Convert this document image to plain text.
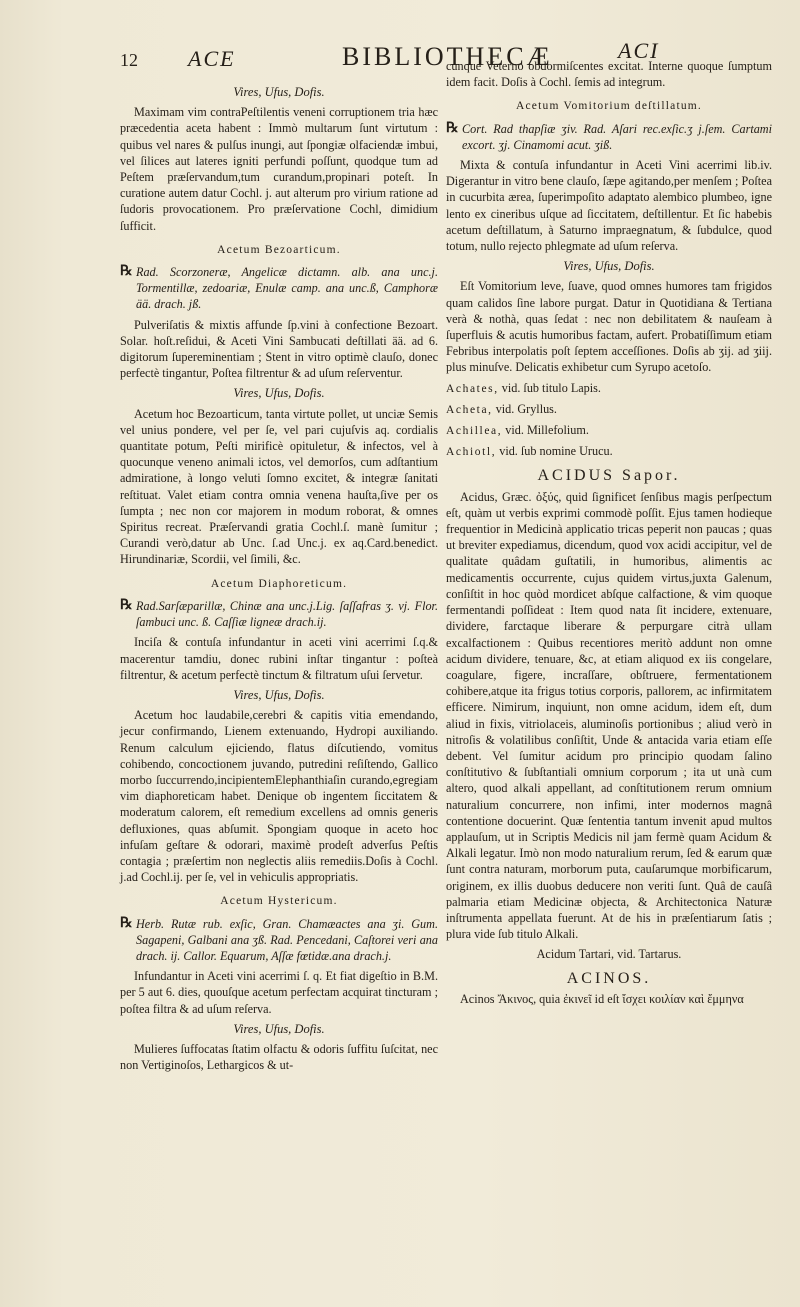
12 ACE	BIBLIOTHECÆ	ACI
Vires, Ufus, Dofis.

Maximam vim contraPeſtilentis veneni corruptionem tria hæc præcedentia aceta habent : Immò multarum ſunt virtutum : quibus vel nares & pulſus inungi, aut ſpongiæ olfaciendæ imbui, vel ſilices aut lateres igniti perfundi poſſunt, quodque tum ad Peſtem præſervandum,tum curandum,propinari poteſt. In curatione autem datur Cochl. j. aut alterum pro virium ratione ad ſudoris provocationem. Pro præſervatione Cochl, dimidium ſufficit.

Acetum Bezoarticum.

℞ Rad. Scorzoneræ, Angelicæ dictamn. alb. ana unc.j. Tormentillæ, zedoariæ, Enulæ camp. ana unc.ß, Camphoræ ää. drach. jß.

Pulveriſatis & mixtis affunde ſp.vini à confectione Bezoart. Solar. hoſt.reſidui, & Aceti Vini Sambucati deſtillati ää. ad 6. digitorum ſupereminentiam ; Stent in vitro optimè clauſo, donec perfectè tingantur, Poſtea filtrentur & ad uſum reſerventur.

Vires, Ufus, Dofis.

Acetum hoc Bezoarticum, tanta virtute pollet, ut unciæ Semis vel unius pondere, vel per ſe, vel pari cujuſvis aq. cordialis quantitate potum, Peſti mirificè opituletur, & infectos, vel à quocunque veneno animali ictos, vel demorſos, cum adſtantium admiratione, à longo veluti ſomno excitet, & integræ ſanitati reſtituat. Valet etiam contra omnia venena hauſta,ſive per os ſumpta ; nec non cor majorem in modum roborat, & omnes Spiritus recreat. Præſervandi gratia Cochl.ſ. manè ſumitur ; Curandi verò,datur ab Unc. ſ.ad Unc.j. ex aq.Card.benedict. Hirundinariæ, Scordii, vel ſimili, &c.

Acetum Diaphoreticum.

℞ Rad.Sarſæparillæ, Chinæ ana unc.j.Lig. ſaſſafras ʒ. vj. Flor. ſambuci unc. ß. Caſſiæ ligneæ drach.ij.

Inciſa & contuſa infundantur in aceti vini acerrimi ſ.q.& macerentur tamdiu, donec rubini inſtar tingantur : poſteà filtrentur, & acetum perfectè tinctum & filtratum uſui ſervetur.

Vires, Ufus, Dofis.

Acetum hoc laudabile,cerebri & capitis vitia emendando, jecur confirmando, Lienem extenuando, Hydropi auxiliando. Renum calculum ejiciendo, flatus diſcutiendo, vomitus cohibendo, concoctionem juvando, putredini reſiſtendo, Gallico morbo ſuccurrendo,incipientemElephanthiaſin curando,egregiam vim diaphoreticam habet. Denique ob ingentem ſiccitatem & moderatum calorem, eſt remedium excellens ad omnis generis defluxiones, quas abſumit. Spongiam quoque in aceto hoc infuſam geſtare & odorari, maximè prodeſt adverſus Peſtis contagia ; præſertim non neglectis aliis remediis.Doſis à Cochl. j.ad Cochl.ij. per ſe, vel in vehiculis appropriatis.

Acetum Hystericum.

℞ Herb. Rutæ rub. exſic, Gran. Chamæactes ana ʒi. Gum. Sagapeni, Galbani ana ʒß. Rad. Pencedani, Caſtorei veri ana drach. ij. Callor. Equarum, Aſſæ fœtidæ.ana drach.j.

Infundantur in Aceti vini acerrimi ſ. q. Et fiat digeſtio in B.M. per 5 aut 6. dies, quouſque acetum perfectam acquirat tincturam ; poſtea filtra & ad uſum reſerva.

Vires, Ufus, Dofis.

Mulieres ſuffocatas ſtatim olfactu & odoris ſuffitu ſuſcitat, nec non Vertiginoſos, Lethargicos & ut-

cunque Veterno obdormiſcentes excitat. Interne quoque ſumptum idem facit. Doſis à Cochl. ſemis ad integrum.

Acetum Vomitorium deſtillatum.

℞ Cort. Rad thapſiæ ʒiv. Rad. Aſari rec.exſic.ʒ j.ſem. Cartami excort. ʒj. Cinamomi acut. ʒiß.

Mixta & contuſa infundantur in Aceti Vini acerrimi lib.iv. Digerantur in vitro bene clauſo, ſæpe agitando,per menſem ; Poſtea in cucurbita ærea, ſuperimpoſito adaptato alembico plumbeo, igne lento ex cineribus uſque ad ſiccitatem, deſtillentur. Et ſic habebis acetum deſtillatum, à Saturno impraegnatum, & ſubdulce, quod totum, nullo rejecto phlegmate ad uſum reſerva.

Vires, Ufus, Dofis.

Eſt Vomitorium leve, ſuave, quod omnes humores tam frigidos quam calidos ſine labore purgat. Datur in Quotidiana & Tertiana verà & nothà, quas ſedat : nec non debilitatem & nauſeam à ſuperfluis & acutis humoribus factam, aufert. Probatiſſimum etiam Febribus interpolatis poſt ſeptem acceſſiones. Doſis ab ʒij. ad ʒiij. plus minuſve. Delicatis exhibetur cum Syrupo acetoſo.

Achates, vid. ſub titulo Lapis.

Acheta, vid. Gryllus.

Achillea, vid. Millefolium.

Achiotl, vid. ſub nomine Urucu.

ACIDUS Sapor.

Acidus, Græc. ὀξύς, quid ſignificet ſenſibus magis perſpectum eſt, quàm ut verbis exprimi commodè poſſit. Ejus tamen hodieque frequentior in Medicinà applicatio tricas peperit non paucas ; quas ut breviter expediamus, dicendum, quod vox acidi accipitur, vel de qualitate quâdam guſtatili, in humoribus, alimentis ac medicamentis occurrente, cujus quidem virtus,juxta Galenum, conſiſtit in hoc quòd mordicet abſque calfactione, & vim quoque fermentandi poſſideat : Item quod nata ſit incidere, extenuare, dividere, farctaque liberare & perpurgare citrà ullam excalfactionem : Quibus recentiores meritò addunt non omne acidum dividere, tenuare, &c, at etiam aliquod ex iis congelare, coagulare, figere, incraſſare, obſtruere, fermentationem cohibere,atque ita frigus totius corporis, pallorem, ac infirmitatem efficere. Nimirum, inquiunt, non omne acidum, idem eſt, dum aliud in fixis, vitriolaceis, aluminoſis portionibus ; aliud verò in nitroſis & volatilibus conſiſtit, Unde & antacida varia etiam eſſe debent. Vel ſumitur acidum pro principio quodam ſalino conſtitutivo & ſubſtantiali omnium corporum ; ita ut unà cum altero, quod alkali appellant, ad conſtitutionem rerum omnium naturalium concurrere, non infimi, inter modernos magnâ contentione docuerint. Quæ ſententia tantum invenit apud multos applauſum, ut in Scriptis Medicis nil jam fermè quam Acidum & Alkali legatur. Imò non modo naturalium rerum, ſed & earum quæ ſunt contra naturam, morborum puta, cauſarumque morbificarum, originem, ex illis duobus deducere non veriti ſunt. Quâ de cauſâ palmaria etiam Medicinæ objecta, & Architectonica Naturæ inſtrumenta appellata fuerunt. At de his in præſentiarum ſatis ; plura vide ſub titulo Alkali.

Acidum Tartari, vid. Tartarus.

ACINOS.

Acinos Ἄκινος, quia ἐκινεῖ id eſt ἴσχει κοιλίαν καὶ ἔμμηνα
